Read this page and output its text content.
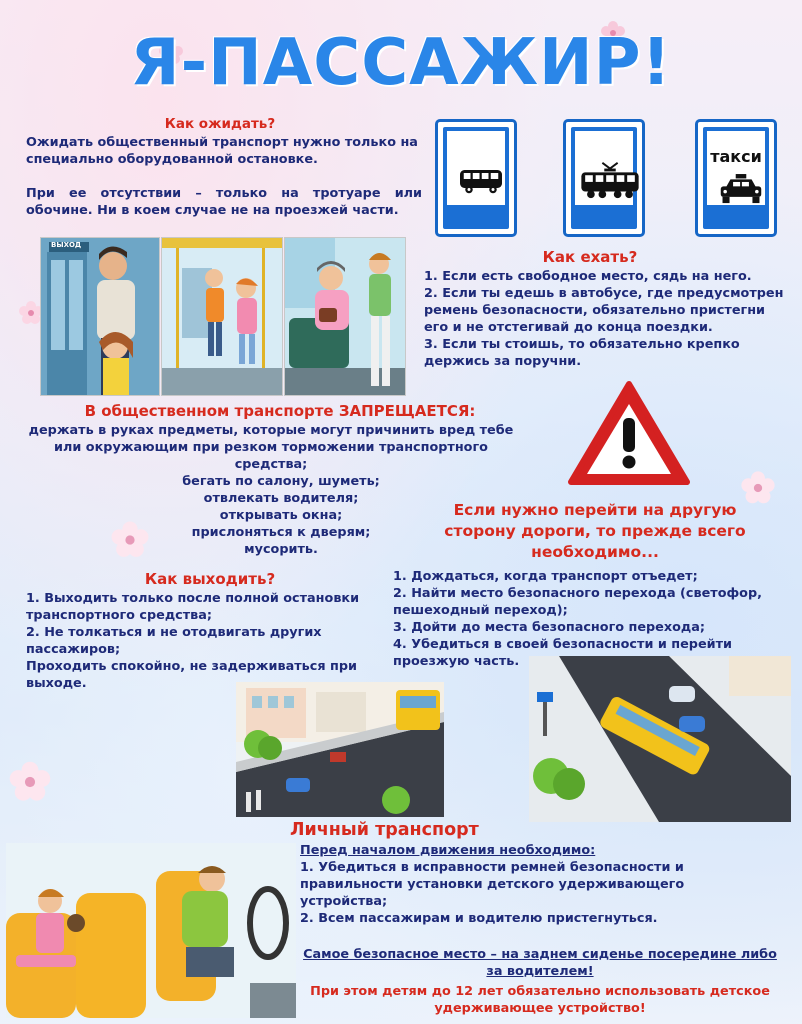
Я-ПАССАЖИР!
Как ожидать?
Ожидать общественный транспорт нужно только на специально оборудованной остановке.
При ее отсутствии – только на тротуаре или обочине. Ни в коем случае не на проезжей части.
такси
ВЫХОД
Как ехать?
1. Если есть свободное место, сядь на него.
2. Если ты едешь в автобусе, где предусмотрен ремень безопасности, обязательно пристегни его и не отстегивай до конца поездки.
3. Если ты стоишь, то обязательно крепко держись за поручни.
В общественном транспорте ЗАПРЕЩАЕТСЯ:
держать в руках предметы, которые могут причинить вред тебе или окружающим при резком торможении транспортного средства;
бегать по салону, шуметь;
отвлекать водителя;
открывать окна;
прислоняться к дверям;
мусорить.
Если нужно перейти на другую сторону дороги, то прежде всего необходимо...
1. Дождаться, когда транспорт отъедет;
2. Найти место безопасного перехода (светофор, пешеходный переход);
3. Дойти до места безопасного перехода;
4. Убедиться в своей безопасности и перейти проезжую часть.
Как выходить?
1. Выходить только после полной остановки транспортного средства;
2. Не толкаться и не отодвигать других пассажиров;
Проходить спокойно, не задерживаться при выходе.
Личный транспорт
Перед началом движения необходимо:
1. Убедиться в исправности ремней безопасности и правильности установки детского удерживающего устройства;
2. Всем пассажирам и водителю пристегнуться.
Самое безопасное место – на заднем сиденье посередине либо за водителем!
При этом детям до 12 лет обязательно использовать детское удерживающее устройство!
